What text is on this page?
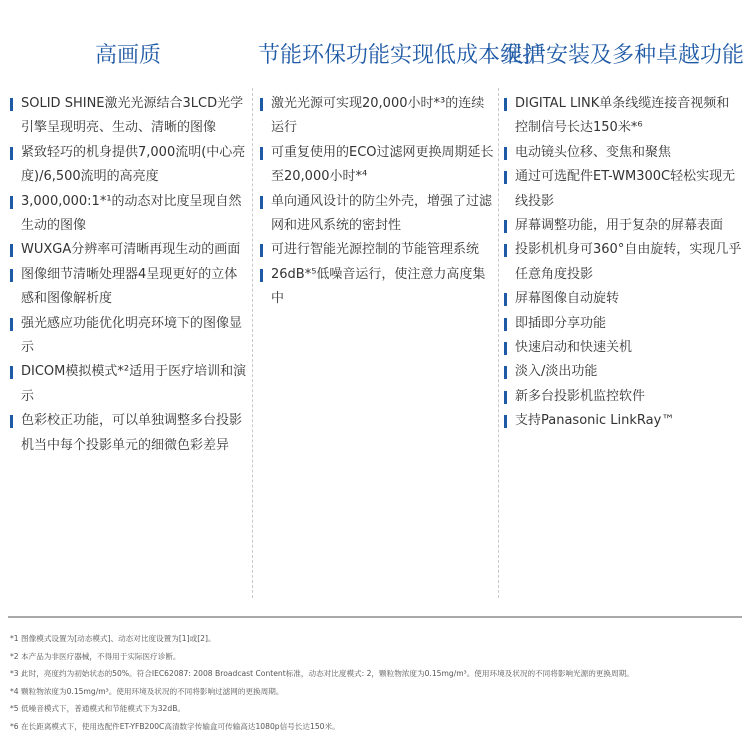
高画质
SOLID SHINE激光光源结合3LCD光学引擎呈现明亮、生动、清晰的图像
紧致轻巧的机身提供7,000流明(中心亮度)/6,500流明的高亮度
3,000,000:1*¹的动态对比度呈现自然生动的图像
WUXGA分辨率可清晰再现生动的画面
图像细节清晰处理器4呈现更好的立体感和图像解析度
强光感应功能优化明亮环境下的图像显示
DICOM模拟模式*²适用于医疗培训和演示
色彩校正功能，可以单独调整多台投影机当中每个投影单元的细微色彩差异
节能环保功能实现低成本维护
激光光源可实现20,000小时*³的连续运行
可重复使用的ECO过滤网更换周期延长至20,000小时*⁴
单向通风设计的防尘外壳，增强了过滤网和进风系统的密封性
可进行智能光源控制的节能管理系统
26dB*⁵低噪音运行，使注意力高度集中
灵活安装及多种卓越功能
DIGITAL LINK单条线缆连接音视频和控制信号长达150米*⁶
电动镜头位移、变焦和聚焦
通过可选配件ET-WM300C轻松实现无线投影
屏幕调整功能，用于复杂的屏幕表面
投影机机身可360°自由旋转，实现几乎任意角度投影
屏幕图像自动旋转
即插即分享功能
快速启动和快速关机
淡入/淡出功能
新多台投影机监控软件
支持Panasonic LinkRay™
*1 图像模式设置为[动态模式]、动态对比度设置为[1]或[2]。
*2 本产品为非医疗器械，不得用于实际医疗诊断。
*3 此时，亮度约为初始状态的50%。符合IEC62087: 2008 Broadcast Content标准，动态对比度模式: 2，颗粒物浓度为0.15mg/m³。使用环境及状况的不同将影响光源的更换周期。
*4 颗粒物浓度为0.15mg/m³。使用环境及状况的不同将影响过滤网的更换周期。
*5 低噪音模式下，普通模式和节能模式下为32dB。
*6 在长距离模式下，使用选配件ET-YFB200C高清数字传输盒可传输高达1080p信号长达150米。
